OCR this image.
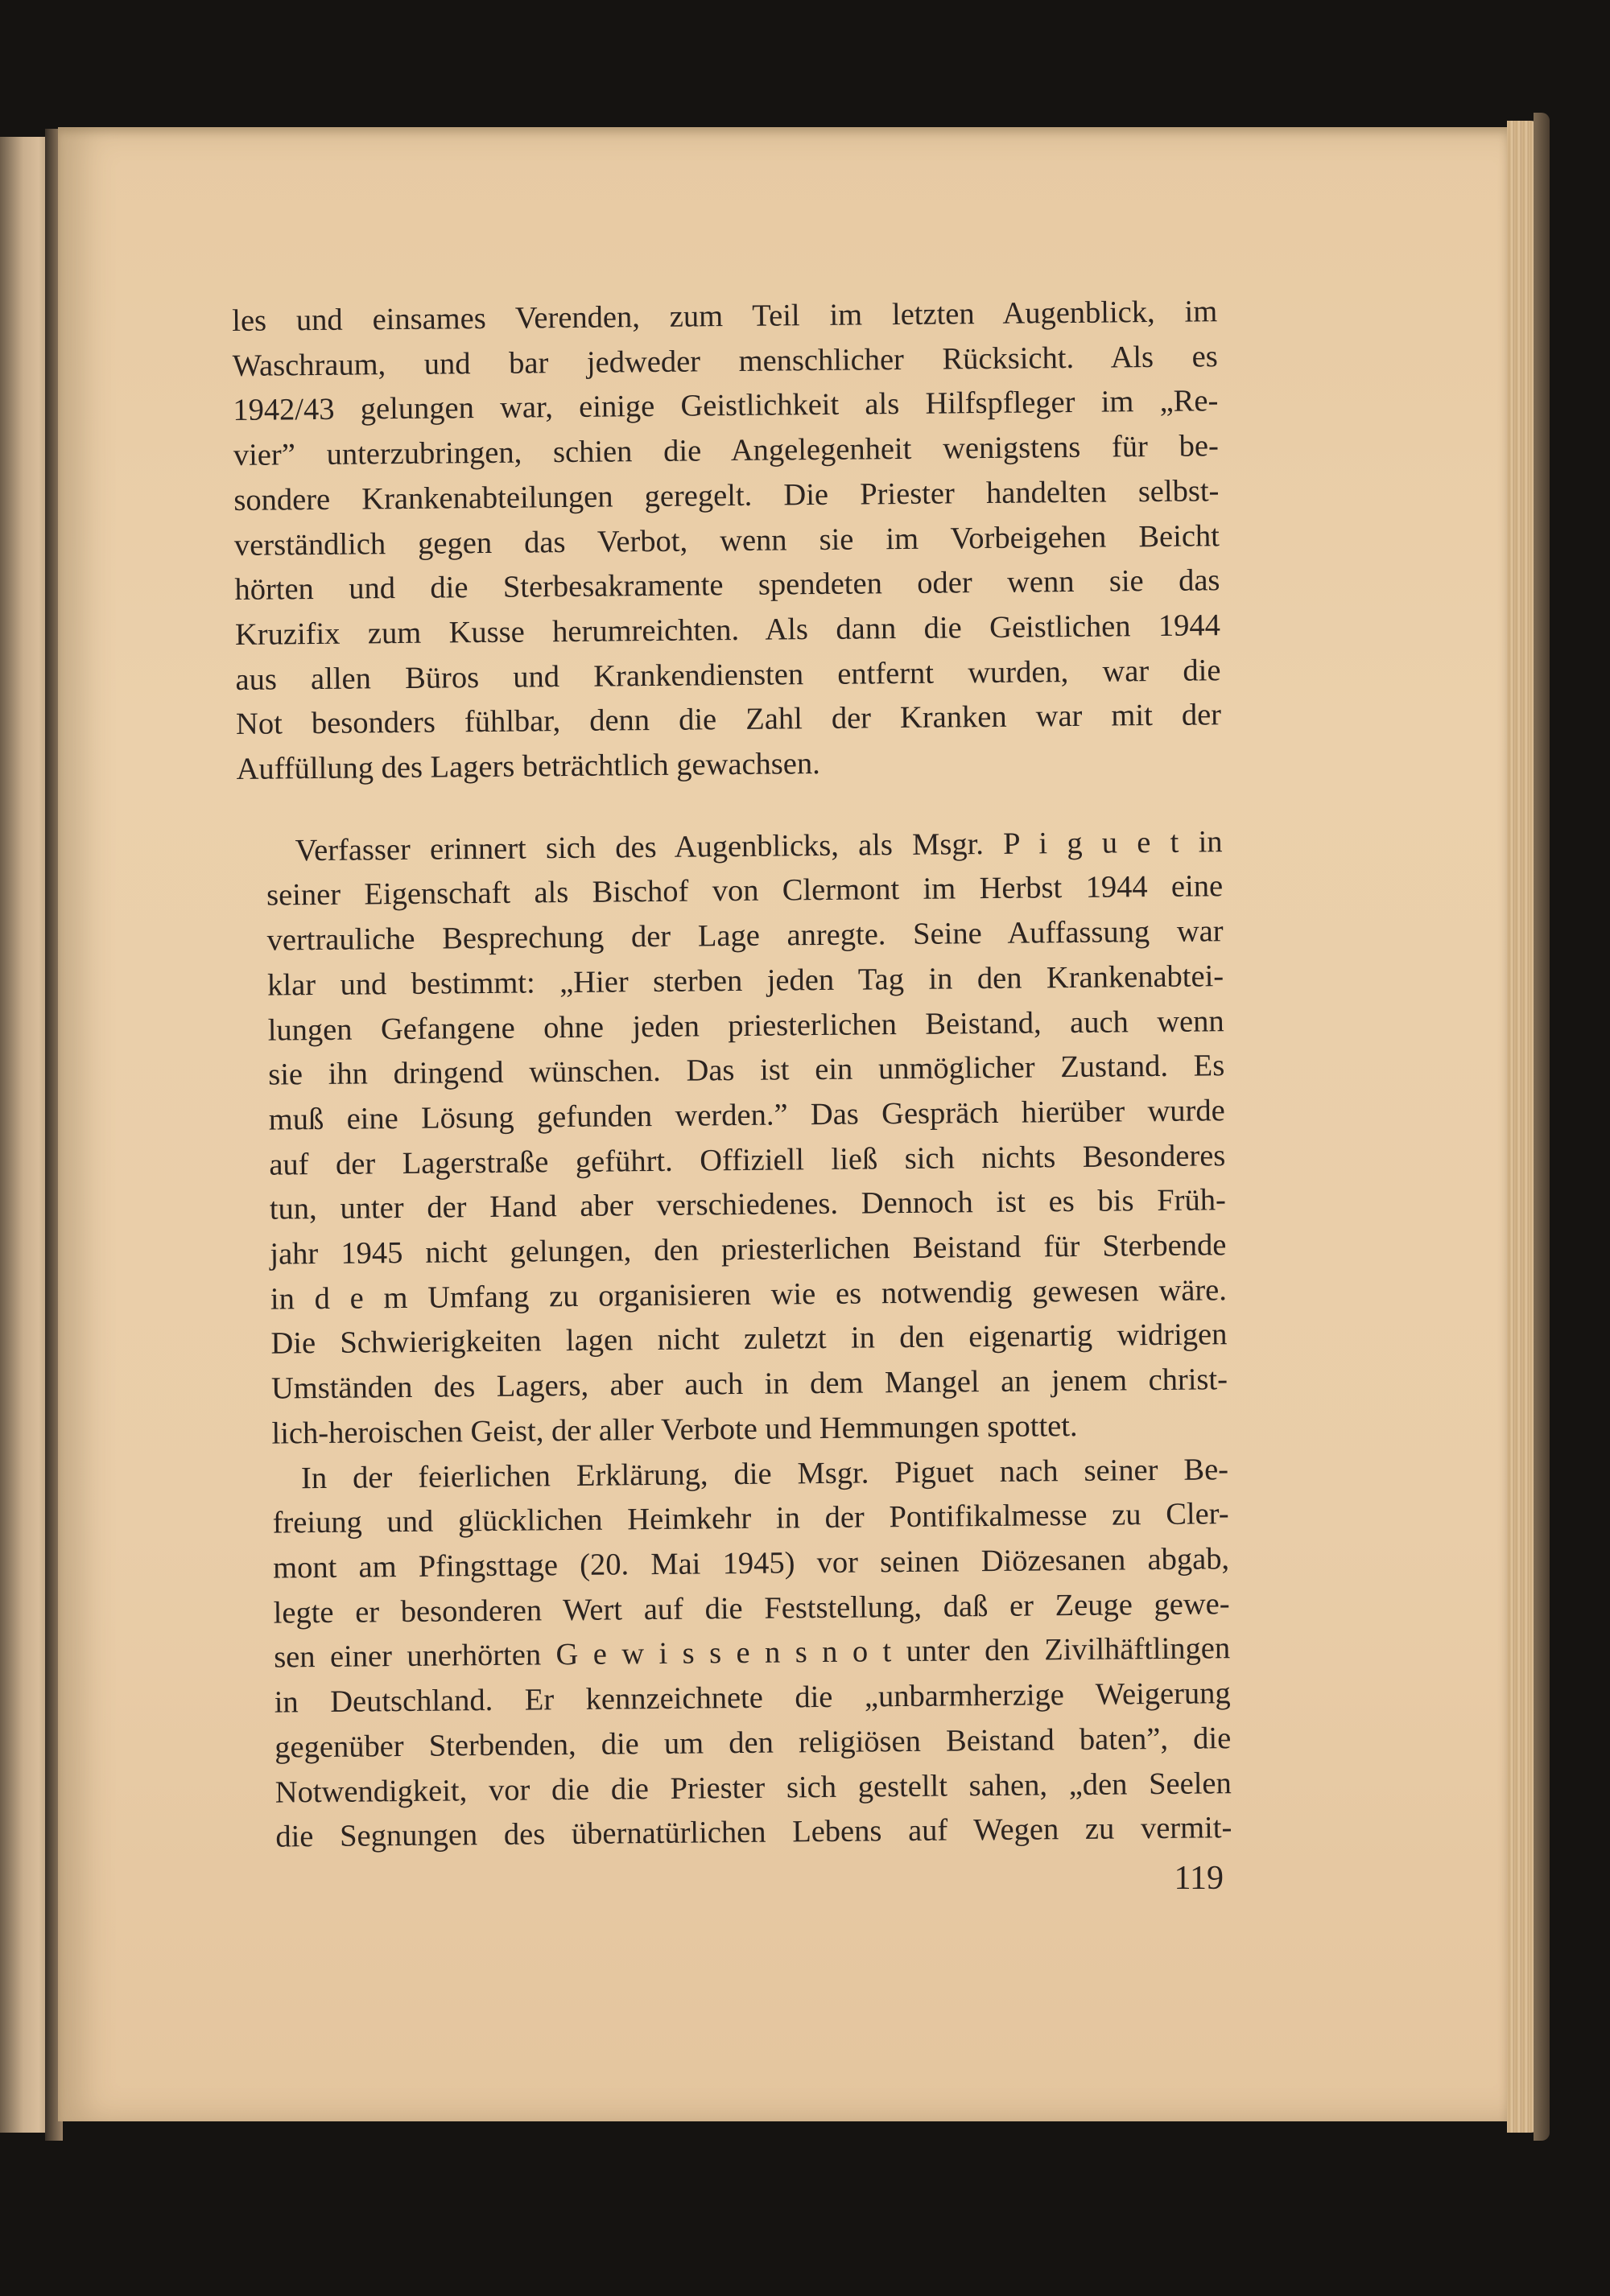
les und einsames Verenden, zum Teil im letzten Augenblick, im
Waschraum, und bar jedweder menschlicher Rücksicht. Als es
1942/43 gelungen war, einige Geistlichkeit als Hilfspfleger im „Re-
vier” unterzubringen, schien die Angelegenheit wenigstens für be-
sondere Krankenabteilungen geregelt. Die Priester handelten selbst-
verständlich gegen das Verbot, wenn sie im Vorbeigehen Beicht
hörten und die Sterbesakramente spendeten oder wenn sie das
Kruzifix zum Kusse herumreichten. Als dann die Geistlichen 1944
aus allen Büros und Krankendiensten entfernt wurden, war die
Not besonders fühlbar, denn die Zahl der Kranken war mit der
Auffüllung des Lagers beträchtlich gewachsen.

Verfasser erinnert sich des Augenblicks, als Msgr. P i g u e t in
seiner Eigenschaft als Bischof von Clermont im Herbst 1944 eine
vertrauliche Besprechung der Lage anregte. Seine Auffassung war
klar und bestimmt: „Hier sterben jeden Tag in den Krankenabtei-
lungen Gefangene ohne jeden priesterlichen Beistand, auch wenn
sie ihn dringend wünschen. Das ist ein unmöglicher Zustand. Es
muß eine Lösung gefunden werden.” Das Gespräch hierüber wurde
auf der Lagerstraße geführt. Offiziell ließ sich nichts Besonderes
tun, unter der Hand aber verschiedenes. Dennoch ist es bis Früh-
jahr 1945 nicht gelungen, den priesterlichen Beistand für Sterbende
in d e m Umfang zu organisieren wie es notwendig gewesen wäre.
Die Schwierigkeiten lagen nicht zuletzt in den eigenartig widrigen
Umständen des Lagers, aber auch in dem Mangel an jenem christ-
lich-heroischen Geist, der aller Verbote und Hemmungen spottet.

In der feierlichen Erklärung, die Msgr. Piguet nach seiner Be-
freiung und glücklichen Heimkehr in der Pontifikalmesse zu Cler-
mont am Pfingsttage (20. Mai 1945) vor seinen Diözesanen abgab,
legte er besonderen Wert auf die Feststellung, daß er Zeuge gewe-
sen einer unerhörten G e w i s s e n s n o t unter den Zivilhäftlingen
in Deutschland. Er kennzeichnete die „unbarmherzige Weigerung
gegenüber Sterbenden, die um den religiösen Beistand baten”, die
Notwendigkeit, vor die die Priester sich gestellt sahen, „den Seelen
die Segnungen des übernatürlichen Lebens auf Wegen zu vermit-

119
